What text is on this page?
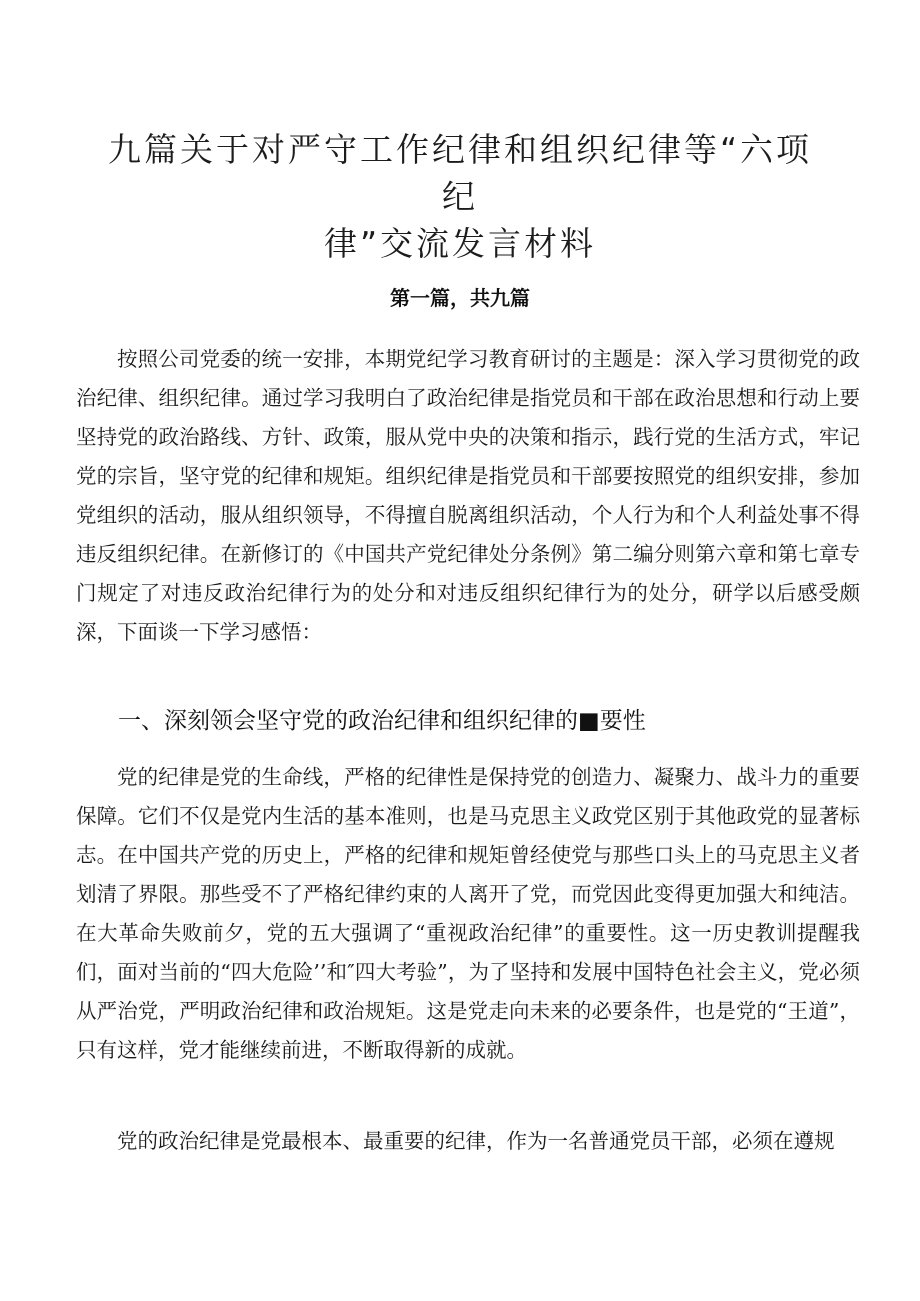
九篇关于对严守工作纪律和组织纪律等“六项纪
律”交流发言材料
第一篇，共九篇

按照公司党委的统一安排，本期党纪学习教育研讨的主题是：深入学习贯彻党的政治纪律、组织纪律。通过学习我明白了政治纪律是指党员和干部在政治思想和行动上要坚持党的政治路线、方针、政策，服从党中央的决策和指示，践行党的生活方式，牢记党的宗旨，坚守党的纪律和规矩。组织纪律是指党员和干部要按照党的组织安排，参加党组织的活动，服从组织领导，不得擅自脱离组织活动，个人行为和个人利益处事不得违反组织纪律。在新修订的《中国共产党纪律处分条例》第二编分则第六章和第七章专门规定了对违反政治纪律行为的处分和对违反组织纪律行为的处分，研学以后感受颇深，下面谈一下学习感悟：

一、深刻领会坚守党的政治纪律和组织纪律的■要性

党的纪律是党的生命线，严格的纪律性是保持党的创造力、凝聚力、战斗力的重要保障。它们不仅是党内生活的基本准则，也是马克思主义政党区别于其他政党的显著标志。在中国共产党的历史上，严格的纪律和规矩曾经使党与那些口头上的马克思主义者划清了界限。那些受不了严格纪律约束的人离开了党，而党因此变得更加强大和纯洁。在大革命失败前夕，党的五大强调了“重视政治纪律”的重要性。这一历史教训提醒我们，面对当前的“四大危险’’和″四大考验”，为了坚持和发展中国特色社会主义，党必须从严治党，严明政治纪律和政治规矩。这是党走向未来的必要条件，也是党的“王道”，只有这样，党才能继续前进，不断取得新的成就。

党的政治纪律是党最根本、最重要的纪律，作为一名普通党员干部，必须在遵规
